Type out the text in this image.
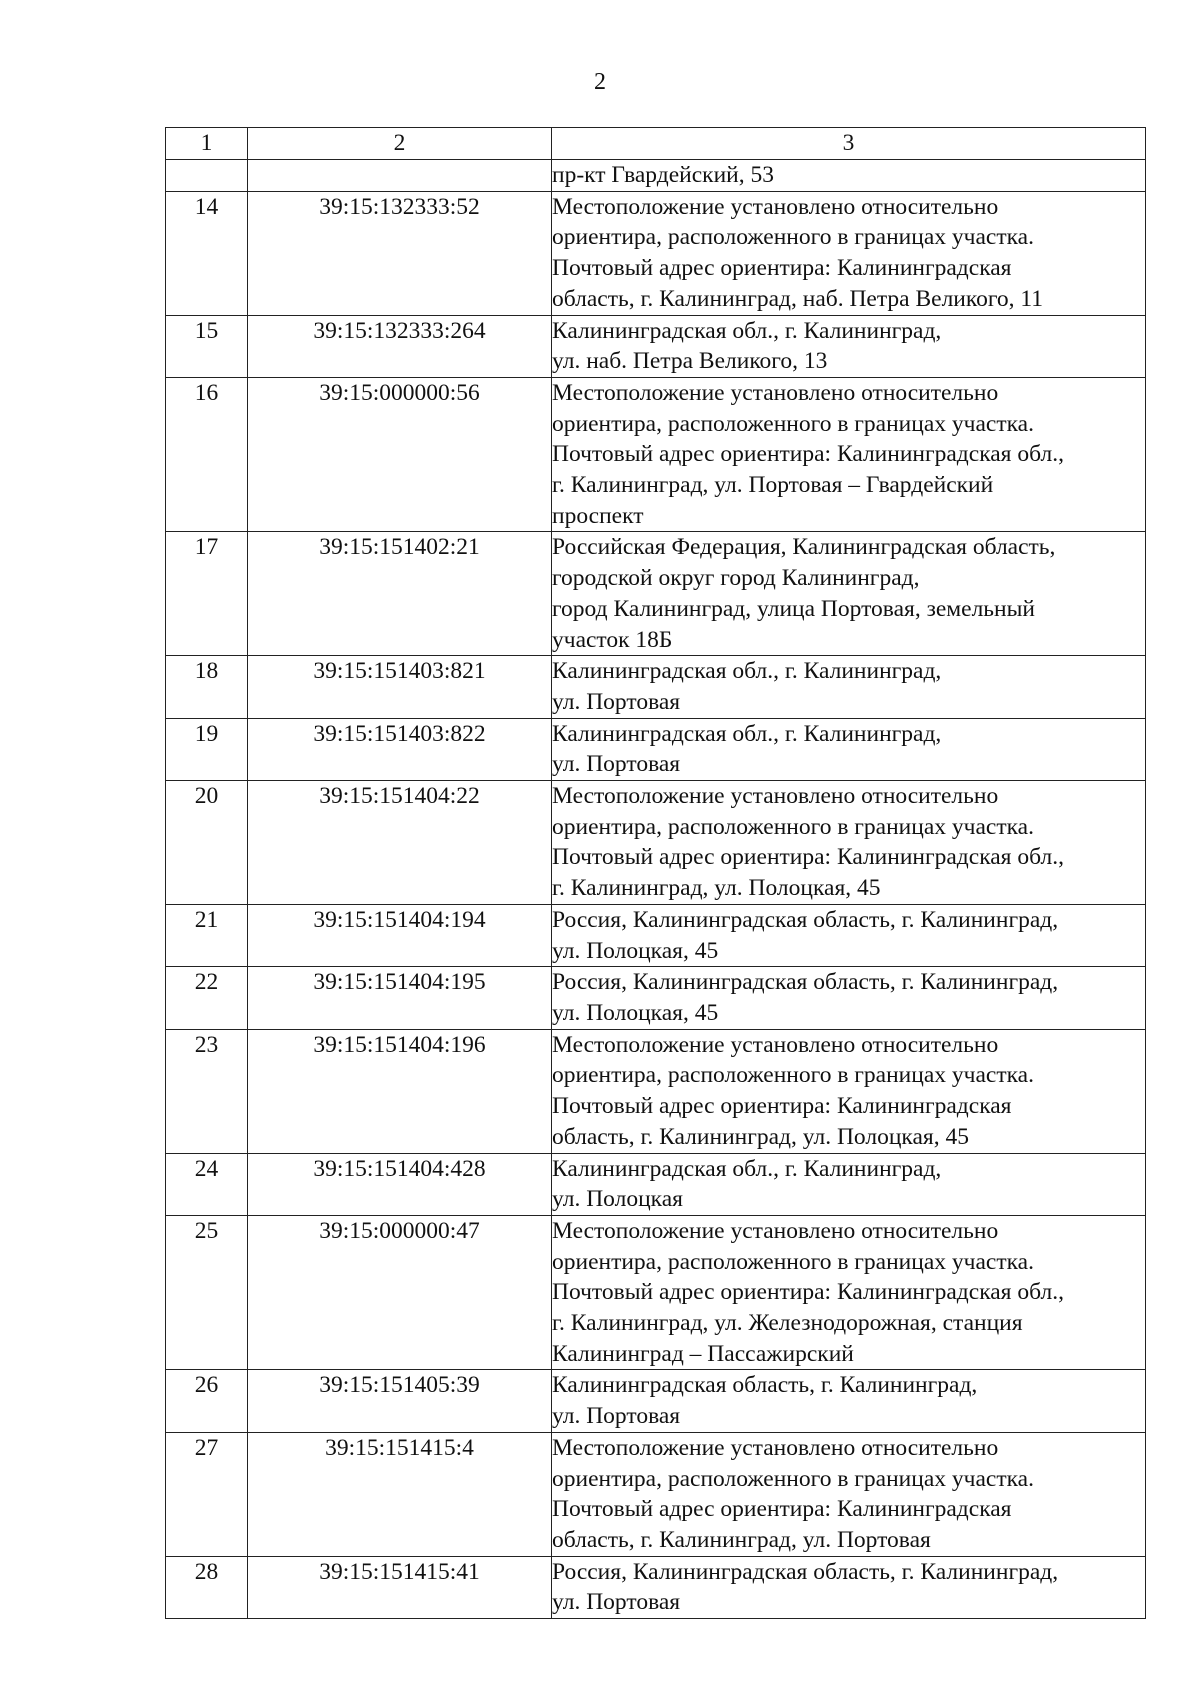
2
1	2	3

		пр-кт Гвардейский, 53

14	39:15:132333:52	Местоположение установлено относительно
ориентира, расположенного в границах участка.
Почтовый адрес ориентира: Калининградская
область, г. Калининград, наб. Петра Великого, 11

15	39:15:132333:264	Калининградская обл., г. Калининград,
ул. наб. Петра Великого, 13

16	39:15:000000:56	Местоположение установлено относительно
ориентира, расположенного в границах участка.
Почтовый адрес ориентира: Калининградская обл.,
г. Калининград, ул. Портовая – Гвардейский
проспект

17	39:15:151402:21	Российская Федерация, Калининградская область,
городской округ город Калининград,
город Калининград, улица Портовая, земельный
участок 18Б

18	39:15:151403:821	Калининградская обл., г. Калининград,
ул. Портовая

19	39:15:151403:822	Калининградская обл., г. Калининград,
ул. Портовая

20	39:15:151404:22	Местоположение установлено относительно
ориентира, расположенного в границах участка.
Почтовый адрес ориентира: Калининградская обл.,
г. Калининград, ул. Полоцкая, 45

21	39:15:151404:194	Россия, Калининградская область, г. Калининград,
ул. Полоцкая, 45

22	39:15:151404:195	Россия, Калининградская область, г. Калининград,
ул. Полоцкая, 45

23	39:15:151404:196	Местоположение установлено относительно
ориентира, расположенного в границах участка.
Почтовый адрес ориентира: Калининградская
область, г. Калининград, ул. Полоцкая, 45

24	39:15:151404:428	Калининградская обл., г. Калининград,
ул. Полоцкая

25	39:15:000000:47	Местоположение установлено относительно
ориентира, расположенного в границах участка.
Почтовый адрес ориентира: Калининградская обл.,
г. Калининград, ул. Железнодорожная, станция
Калининград – Пассажирский

26	39:15:151405:39	Калининградская область, г. Калининград,
ул. Портовая

27	39:15:151415:4	Местоположение установлено относительно
ориентира, расположенного в границах участка.
Почтовый адрес ориентира: Калининградская
область, г. Калининград, ул. Портовая

28	39:15:151415:41	Россия, Калининградская область, г. Калининград,
ул. Портовая
